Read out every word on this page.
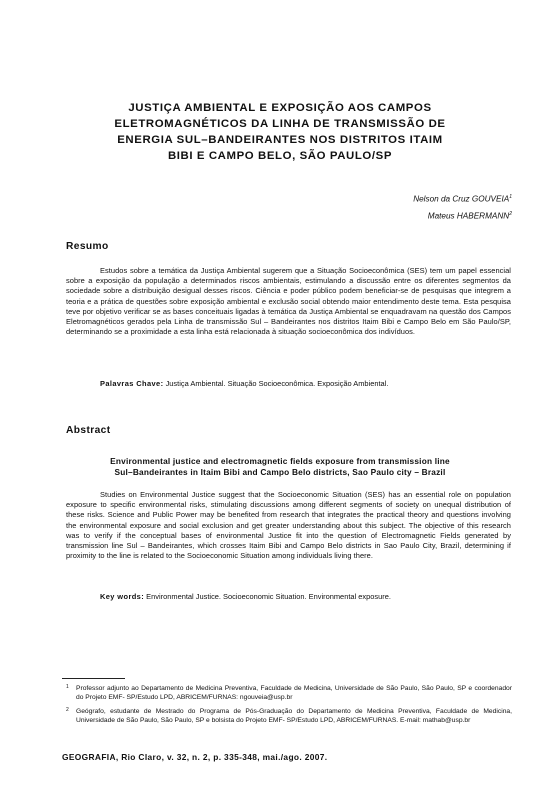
JUSTIÇA AMBIENTAL E EXPOSIÇÃO AOS CAMPOS
ELETROMAGNÉTICOS DA LINHA DE TRANSMISSÃO DE
ENERGIA SUL–BANDEIRANTES NOS DISTRITOS ITAIM
BIBI E CAMPO BELO, SÃO PAULO/SP
Nelson da Cruz GOUVEIA$^1$
Mateus HABERMANN$^2$
Resumo
Estudos sobre a temática da Justiça Ambiental sugerem que a Situação Socioeconômica (SES) tem um papel essencial sobre a exposição da população a determinados riscos ambientais, estimulando a discussão entre os diferentes segmentos da sociedade sobre a distribuição desigual desses riscos. Ciência e poder público podem beneficiar-se de pesquisas que integrem a teoria e a prática de questões sobre exposição ambiental e exclusão social obtendo maior entendimento deste tema. Esta pesquisa teve por objetivo verificar se as bases conceituais ligadas à temática da Justiça Ambiental se enquadravam na questão dos Campos Eletromagnéticos gerados pela Linha de transmissão Sul – Bandeirantes nos distritos Itaim Bibi e Campo Belo em São Paulo/SP, determinando se a proximidade a esta linha está relacionada à situação socioeconômica dos indivíduos.
Palavras Chave: Justiça Ambiental. Situação Socioeconômica. Exposição Ambiental.
Abstract
Environmental justice and electromagnetic fields exposure from transmission line
Sul–Bandeirantes in Itaim Bibi and Campo Belo districts, Sao Paulo city – Brazil
Studies on Environmental Justice suggest that the Socioeconomic Situation (SES) has an essential role on population exposure to specific environmental risks, stimulating discussions among different segments of society on unequal distribution of these risks. Science and Public Power may be benefited from research that integrates the practical theory and questions involving the environmental exposure and social exclusion and get greater understanding about this subject. The objective of this research was to verify if the conceptual bases of environmental Justice fit into the question of Electromagnetic Fields generated by transmission line Sul – Bandeirantes, which crosses Itaim Bibi and Campo Belo districts in Sao Paulo City, Brazil, determining if proximity to the line is related to the Socioeconomic Situation among individuals living there.
Key words: Environmental Justice. Socioeconomic Situation. Environmental exposure.
1 Professor adjunto ao Departamento de Medicina Preventiva, Faculdade de Medicina, Universidade de São Paulo, São Paulo, SP e coordenador do Projeto EMF- SP/Estudo LPD, ABRICEM/FURNAS: ngouveia@usp.br
2 Geógrafo, estudante de Mestrado do Programa de Pós-Graduação do Departamento de Medicina Preventiva, Faculdade de Medicina, Universidade de São Paulo, São Paulo, SP e bolsista do Projeto EMF- SP/Estudo LPD, ABRICEM/FURNAS. E-mail: mathab@usp.br
GEOGRAFIA, Rio Claro, v. 32, n. 2, p. 335-348, mai./ago. 2007.
